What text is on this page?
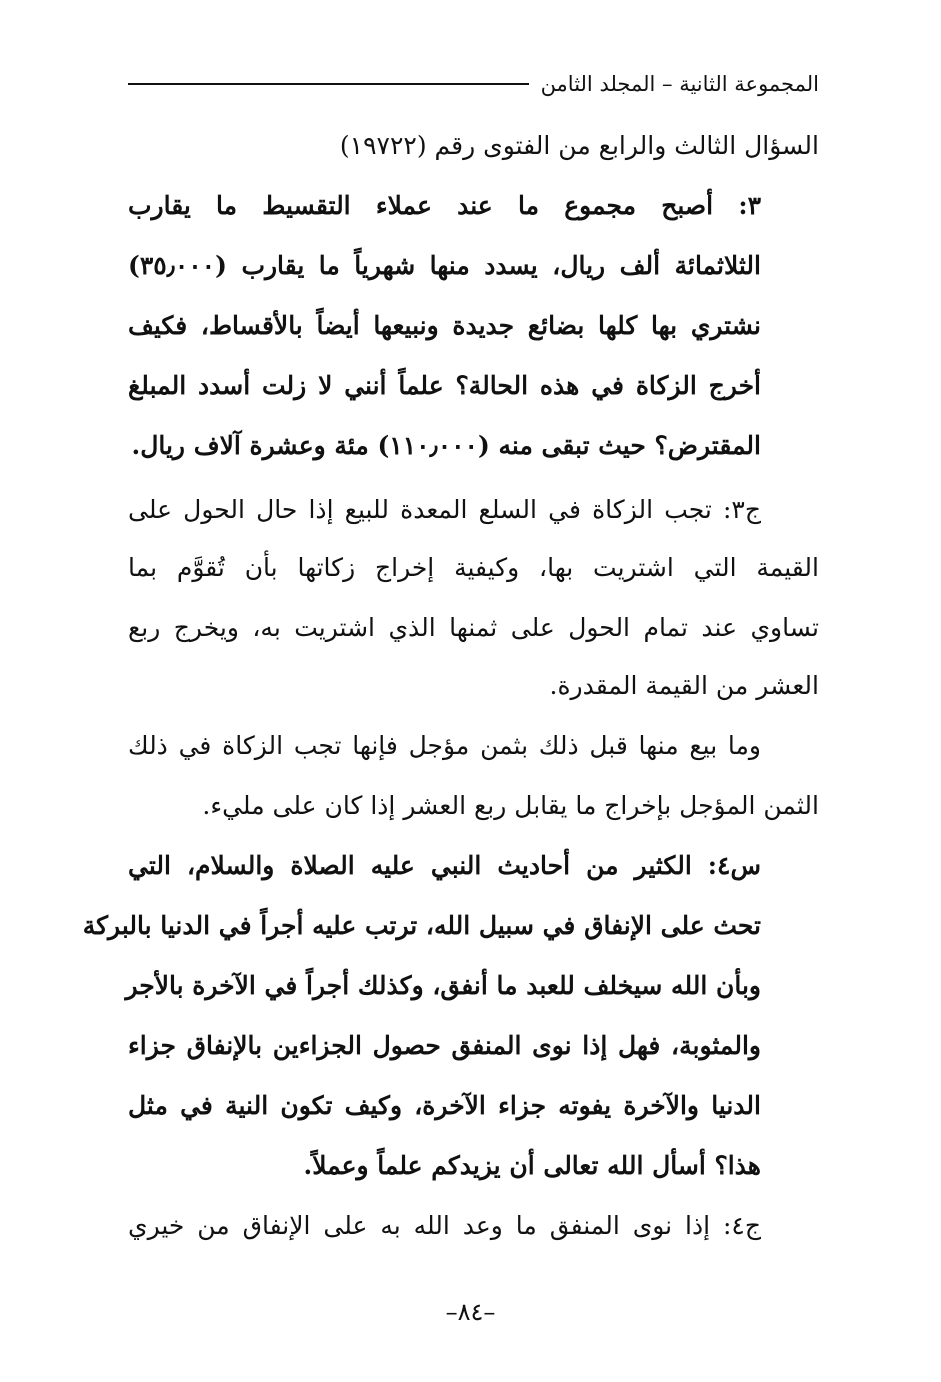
المجموعة الثانية – المجلد الثامن
السؤال الثالث والرابع من الفتوى رقم (١٩٧٢٢)
٣: أصبح مجموع ما عند عملاء التقسيط ما يقارب
الثلاثمائة ألف ريال، يسدد منها شهرياً ما يقارب (٣٥٫٠٠٠)
نشتري بها كلها بضائع جديدة ونبيعها أيضاً بالأقساط، فكيف
أخرج الزكاة في هذه الحالة؟ علماً أنني لا زلت أسدد المبلغ
المقترض؟ حيث تبقى منه (١١٠٫٠٠٠) مئة وعشرة آلاف ريال.
ج٣: تجب الزكاة في السلع المعدة للبيع إذا حال الحول على
القيمة التي اشتريت بها، وكيفية إخراج زكاتها بأن تُقوَّم بما
تساوي عند تمام الحول على ثمنها الذي اشتريت به، ويخرج ربع
العشر من القيمة المقدرة.
وما بيع منها قبل ذلك بثمن مؤجل فإنها تجب الزكاة في ذلك
الثمن المؤجل بإخراج ما يقابل ربع العشر إذا كان على مليء.
س٤: الكثير من أحاديث النبي عليه الصلاة والسلام، التي
تحث على الإنفاق في سبيل الله، ترتب عليه أجراً في الدنيا بالبركة
وبأن الله سيخلف للعبد ما أنفق، وكذلك أجراً في الآخرة بالأجر
والمثوبة، فهل إذا نوى المنفق حصول الجزاءين بالإنفاق جزاء
الدنيا والآخرة يفوته جزاء الآخرة، وكيف تكون النية في مثل
هذا؟ أسأل الله تعالى أن يزيدكم علماً وعملاً.
ج٤: إذا نوى المنفق ما وعد الله به على الإنفاق من خيري
–٨٤–
